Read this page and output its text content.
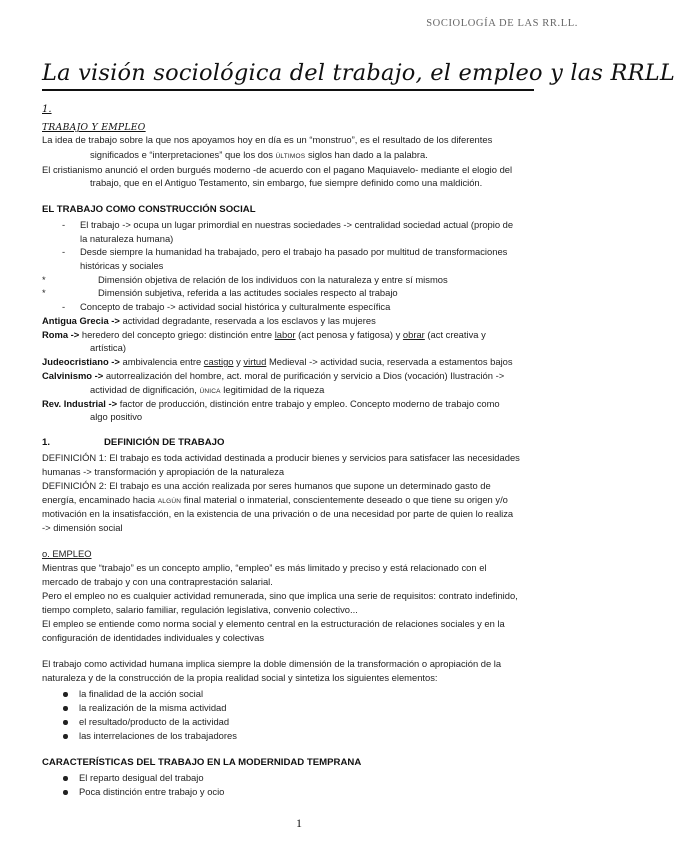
SOCIOLOGÍA DE LAS RR.LL.
La visión sociológica del trabajo, el empleo y las RRLL
1.
TRABAJO Y EMPLEO
La idea de trabajo sobre la que nos apoyamos hoy en día es un “monstruo”, es el resultado de los diferentes
significados e “interpretaciones” que los dos ÚLTIMOS siglos han dado a la palabra.
El cristianismo anunció el orden burgués moderno -de acuerdo con el pagano Maquiavelo- mediante el elogio del
trabajo, que en el Antiguo Testamento, sin embargo, fue siempre definido como una maldición.
EL TRABAJO COMO CONSTRUCCIÓN SOCIAL
- El trabajo -> ocupa un lugar primordial en nuestras sociedades -> centralidad sociedad actual (propio de
la naturaleza humana)
- Desde siempre la humanidad ha trabajado, pero el trabajo ha pasado por multitud de transformaciones
históricas y sociales
*	Dimensión objetiva de relación de los individuos con la naturaleza y entre sí mismos
*	Dimensión subjetiva, referida a las actitudes sociales respecto al trabajo
- Concepto de trabajo -> actividad social histórica y culturalmente específica
Antigua Grecia -> actividad degradante, reservada a los esclavos y las mujeres
Roma -> heredero del concepto griego: distinción entre labor (act penosa y fatigosa) y obrar (act creativa y
artística)
Judeocristiano -> ambivalencia entre castigo y virtud Medieval -> actividad sucia, reservada a estamentos bajos
Calvinismo -> autorrealización del hombre, act. moral de purificación y servicio a Dios (vocación) Ilustración ->
actividad de dignificación, ÚNICA legitimidad de la riqueza
Rev. Industrial -> factor de producción, distinción entre trabajo y empleo. Concepto moderno de trabajo como
algo positivo
1.	DEFINICIÓN DE TRABAJO
DEFINICIÓN 1: El trabajo es toda actividad destinada a producir bienes y servicios para satisfacer las necesidades
humanas -> transformación y apropiación de la naturaleza
DEFINICIÓN 2: El trabajo es una acción realizada por seres humanos que supone un determinado gasto de
energía, encaminado hacia ALGÚN final material o inmaterial, conscientemente deseado o que tiene su origen y/o
motivación en la insatisfacción, en la existencia de una privación o de una necesidad por parte de quien lo realiza
-> dimensión social
o. EMPLEO
Mientras que “trabajo” es un concepto amplio, “empleo” es más limitado y preciso y está relacionado con el
mercado de trabajo y con una contraprestación salarial.
Pero el empleo no es cualquier actividad remunerada, sino que implica una serie de requisitos: contrato indefinido,
tiempo completo, salario familiar, regulación legislativa, convenio colectivo...
El empleo se entiende como norma social y elemento central en la estructuración de relaciones sociales y en la
configuración de identidades individuales y colectivas
El trabajo como actividad humana implica siempre la doble dimensión de la transformación o apropiación de la
naturaleza y de la construcción de la propia realidad social y sintetiza los siguientes elementos:
la finalidad de la acción social
la realización de la misma actividad
el resultado/producto de la actividad
las interrelaciones de los trabajadores
CARACTERÍSTICAS DEL TRABAJO EN LA MODERNIDAD TEMPRANA
El reparto desigual del trabajo
Poca distinción entre trabajo y ocio
1
